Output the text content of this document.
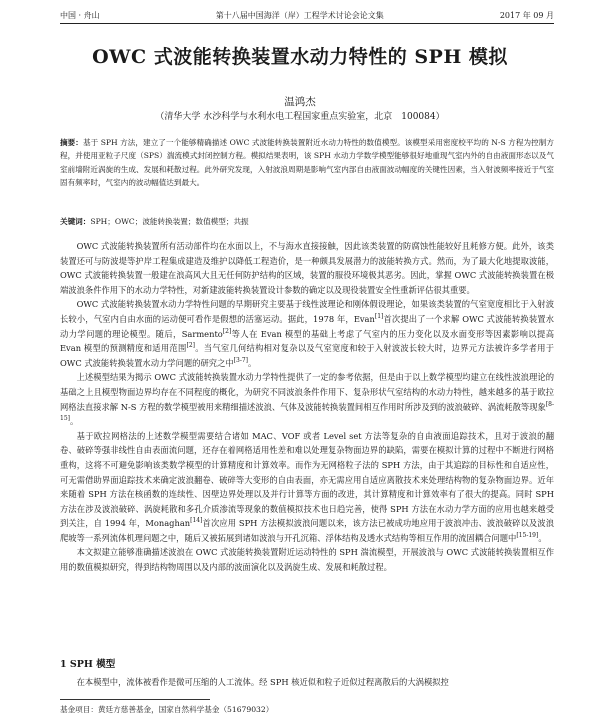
中国 · 舟山	第十八届中国海洋（岸）工程学术讨论会论文集	2017 年 09 月
OWC 式波能转换装置水动力特性的 SPH 模拟
温鸿杰
（清华大学 水沙科学与水利水电工程国家重点实验室，北京　100084）
摘要：基于 SPH 方法，建立了一个能够精确描述 OWC 式波能转换装置附近水动力特性的数值模型。该模型采用密度校平均的 N-S 方程为控制方程，并使用亚粒子尺度（SPS）湍流模式封闭控制方程。模拟结果表明，该 SPH 水动力学数学模型能够很好地重现气室内外的自由液面形态以及气室前墙附近涡旋的生成、发展和耗散过程。此外研究发现，入射波浪周期是影响气室内部自由液面波动幅度的关键性因素，当入射波频率接近于气室固有频率时，气室内的波动幅值达到最大。
关键词：SPH；OWC；波能转换装置；数值模型；共振

OWC 式波能转换装置所有活动部件均在水面以上，不与海水直接接触，因此该类装置的防腐蚀性能较好且耗修方便。此外，该类装置还可与防波堤等护岸工程集成建造及维护以降低工程造价，是一种颇具发展潜力的波能转换方式。然而，为了最大化地提取波能，OWC 式波能转换装置一般建在浪高风大且无任何防护结构的区域，装置的服役环境极其恶劣。因此，掌握 OWC 式波能转换装置在极端波浪条件作用下的水动力学特性，对新建波能转换装置设计参数的确定以及现役装置安全性重新评估很其重要。

OWC 式波能转换装置水动力学特性问题的早期研究主要基于线性波理论和刚体假设理论，如果该类装置的气室宽度相比于入射波长较小，气室内自由水面的运动便可看作是假想的活塞运动。据此，1978 年，Evan[1]首次提出了一个求解 OWC 式波能转换装置水动力学问题的理论模型。随后，Sarmento[2]等人在 Evan 模型的基础上考虑了气室内的压力变化以及水面变形等因素影响以提高 Evan 模型的预测精度和适用范围[2]。当气室几何结构相对复杂以及气室宽度和较于入射波波长较大时，边界元方法被许多学者用于 OWC 式波能转换装置水动力学问题的研究之中[3-7]。

上述模型结果为揭示 OWC 式波能转换装置水动力学特性提供了一定的参考依据，但是由于以上数学模型均建立在线性波浪理论的基础之上且模型物面边界均存在不同程度的概化，为研究不同波浪条件作用下、复杂形状气室结构的水动力特性，越来越多的基于欧拉网格法直接求解 N-S 方程的数学模型被用来精细描述波浪、气体及波能转换装置间相互作用时所涉及到的波浪破碎、涡流耗散等现象[8-15]。

基于欧拉网格法的上述数学模型需要结合诸如 MAC、VOF 或者 Level set 方法等复杂的自由液面追踪技术，且对于波浪的翻卷、破碎等强非线性自由表面流问题，还存在着网格适用性差和难以处理复杂物面边界的缺陷，需要在模拟计算的过程中不断进行网格重构，这将不可避免影响该类数学模型的计算精度和计算效率。而作为无网格粒子法的 SPH 方法，由于其追踪的目标性和自适应性，可无需借助界面追踪技术来确定波浪翻卷、破碎等大变形的自由表面，亦无需应用自适应离散技术来处理结构物的复杂物面边界。近年来随着 SPH 方法在核函数的连续性、因壁边界处理以及并行计算等方面的改进，其计算精度和计算效率有了很大的提高。同时 SPH 方法在涉及波浪破碎、涡旋耗散和多孔介质渗流等现象的数值模拟技术也日趋完善，使得 SPH 方法在水动力学方面的应用也越来越受到关注，自 1994 年，Monaghan[14]首次应用 SPH 方法模拟波浪问题以来，该方法已被成功地应用于波浪冲击、波浪破碎以及波浪爬坡等一系列流体机理问题之中，随后又被拓展到诸如波浪与开孔沉箱、浮体结构及透水式结构等相互作用的流固耦合问题中[15-19]。

本文拟建立能够准确描述波浪在 OWC 式波能转换装置附近运动特性的 SPH 湍流模型，开展波浪与 OWC 式波能转换装置相互作用的数值模拟研究，得到结构物周围以及内部的波面演化以及涡旋生成、发展和耗散过程。

1 SPH 模型
在本模型中，流体被看作是微可压缩的人工流体。经 SPH 核近似和粒子近似过程离散后的大涡模拟控
基金项目：黄廷方慈善基金，国家自然科学基金（51679032）
